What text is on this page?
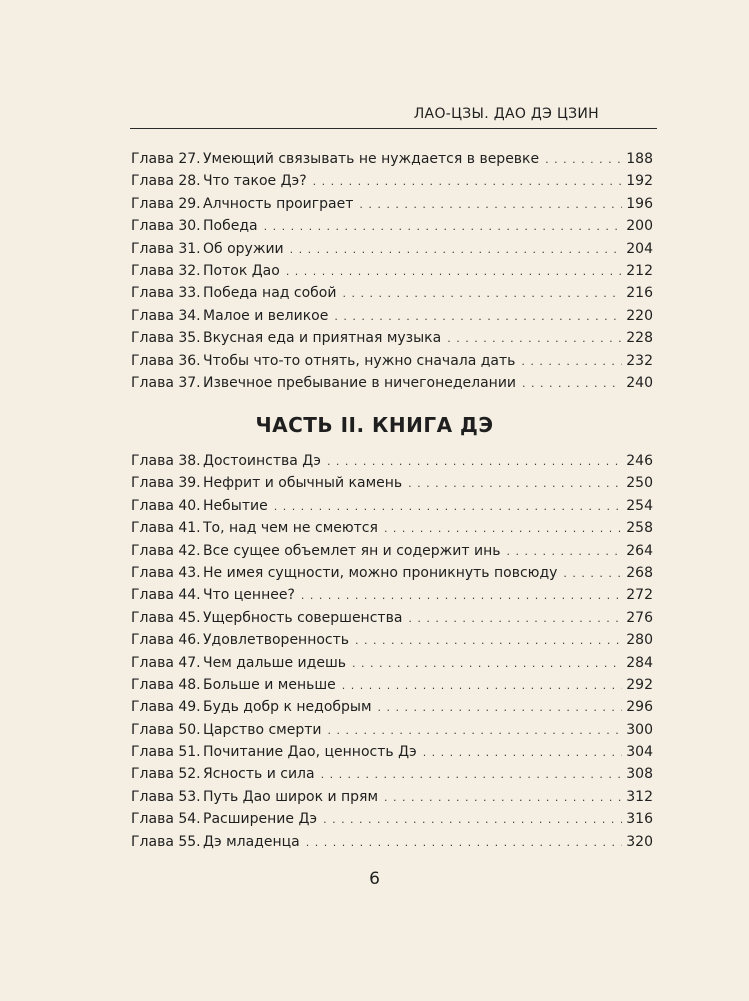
ЛАО-ЦЗЫ. ДАО ДЭ ЦЗИН
Глава 27. Умеющий связывать не нуждается в веревке . . .	188
Глава 28. Что такое Дэ? . . .	192
Глава 29. Алчность проиграет . . .	196
Глава 30. Победа . . .	200
Глава 31. Об оружии . . .	204
Глава 32. Поток Дао . . .	212
Глава 33. Победа над собой . . .	216
Глава 34. Малое и великое . . .	220
Глава 35. Вкусная еда и приятная музыка . . .	228
Глава 36. Чтобы что-то отнять, нужно сначала дать . . .	232
Глава 37. Извечное пребывание в ничегонеделании . . .	240
ЧАСТЬ II. КНИГА ДЭ
Глава 38. Достоинства Дэ . . .	246
Глава 39. Нефрит и обычный камень . . .	250
Глава 40. Небытие . . .	254
Глава 41. То, над чем не смеются . . .	258
Глава 42. Все сущее объемлет ян и содержит инь . . .	264
Глава 43. Не имея сущности, можно проникнуть повсюду . . .	268
Глава 44. Что ценнее? . . .	272
Глава 45. Ущербность совершенства . . .	276
Глава 46. Удовлетворенность . . .	280
Глава 47. Чем дальше идешь . . .	284
Глава 48. Больше и меньше . . .	292
Глава 49. Будь добр к недобрым . . .	296
Глава 50. Царство смерти . . .	300
Глава 51. Почитание Дао, ценность Дэ . . .	304
Глава 52. Ясность и сила . . .	308
Глава 53. Путь Дао широк и прям . . .	312
Глава 54. Расширение Дэ . . .	316
Глава 55. Дэ младенца . . .	320
6
